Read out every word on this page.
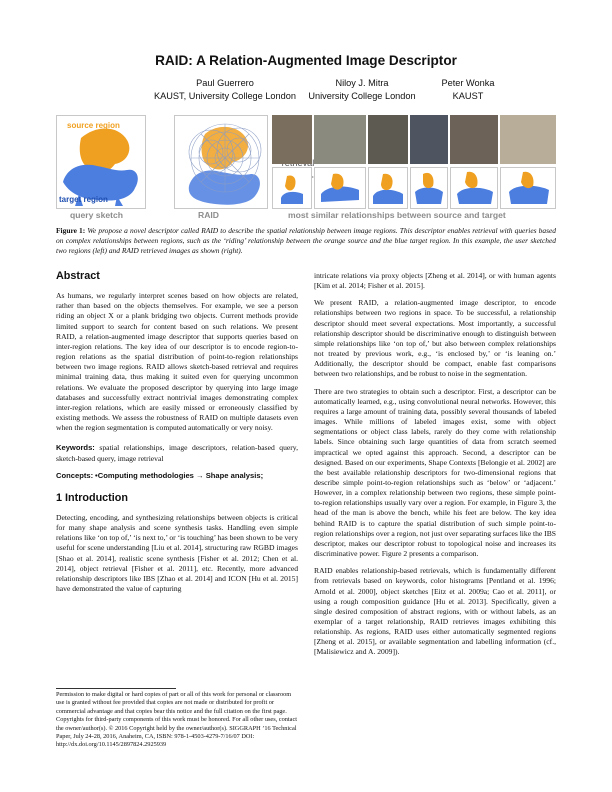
RAID: A Relation-Augmented Image Descriptor
Paul Guerrero
KAUST, University College London
Niloy J. Mitra
University College London
Peter Wonka
KAUST
source region
target region
query sketch	RAID	most similar relationships between source and target
Figure 1: We propose a novel descriptor called RAID to describe the spatial relationship between image regions. This descriptor enables retrieval with queries based on complex relationships between regions, such as the ‘riding’ relationship between the orange source and the blue target region. In this example, the user sketched two regions (left) and RAID retrieved images as shown (right).
Abstract

As humans, we regularly interpret scenes based on how objects are related, rather than based on the objects themselves. For example, we see a person riding an object X or a plank bridging two objects. Current methods provide limited support to search for content based on such relations. We present RAID, a relation-augmented image descriptor that supports queries based on inter-region relations. The key idea of our descriptor is to encode region-to-region relations as the spatial distribution of point-to-region relationships between two image regions. RAID allows sketch-based retrieval and requires minimal training data, thus making it suited even for querying uncommon relations. We evaluate the proposed descriptor by querying into large image databases and successfully extract nontrivial images demonstrating complex inter-region relations, which are easily missed or erroneously classified by existing methods. We assess the robustness of RAID on multiple datasets even when the region segmentation is computed automatically or very noisy.

Keywords: spatial relationships, image descriptors, relation-based query, sketch-based query, image retrieval

Concepts: •Computing methodologies → Shape analysis;

1 Introduction

Detecting, encoding, and synthesizing relationships between objects is critical for many shape analysis and scene synthesis tasks. Handling even simple relations like ‘on top of,’ ‘is next to,’ or ‘is touching’ has been shown to be very useful for scene understanding [Liu et al. 2014], structuring raw RGBD images [Shao et al. 2014], realistic scene synthesis [Fisher et al. 2012; Chen et al. 2014], object retrieval [Fisher et al. 2011], etc. Recently, more advanced relationship descriptors like IBS [Zhao et al. 2014] and ICON [Hu et al. 2015] have demonstrated the value of capturing

Permission to make digital or hard copies of part or all of this work for personal or classroom use is granted without fee provided that copies are not made or distributed for profit or commercial advantage and that copies bear this notice and the full citation on the first page. Copyrights for third-party components of this work must be honored. For all other uses, contact the owner/author(s). © 2016 Copyright held by the owner/author(s). SIGGRAPH ’16 Technical Paper, July 24-28, 2016, Anaheim, CA, ISBN: 978-1-4503-4279-7/16/07 DOI: http://dx.doi.org/10.1145/2897824.2925939

intricate relations via proxy objects [Zheng et al. 2014], or with human agents [Kim et al. 2014; Fisher et al. 2015].

We present RAID, a relation-augmented image descriptor, to encode relationships between two regions in space. To be successful, a relationship descriptor should meet several expectations. Most importantly, a successful relationship descriptor should be discriminative enough to distinguish between simple relationships like ‘on top of,’ but also between complex relationships not treated by previous work, e.g., ‘is enclosed by,’ or ‘is leaning on.’ Additionally, the descriptor should be compact, enable fast comparisons between two relationships, and be robust to noise in the segmentation.

There are two strategies to obtain such a descriptor. First, a descriptor can be automatically learned, e.g., using convolutional neural networks. However, this requires a large amount of training data, possibly several thousands of labeled images. While millions of labeled images exist, some with object segmentations or object class labels, rarely do they come with relationship labels. Since obtaining such large quantities of data from scratch seemed impractical we opted against this approach. Second, a descriptor can be designed. Based on our experiments, Shape Contexts [Belongie et al. 2002] are the best available relationship descriptors for two-dimensional regions that describe simple point-to-region relationships such as ‘below’ or ‘adjacent.’ However, in a complex relationship between two regions, these simple point-to-region relationships usually vary over a region. For example, in Figure 3, the head of the man is above the bench, while his feet are below. The key idea behind RAID is to capture the spatial distribution of such simple point-to-region relationships over a region, not just over separating surfaces like the IBS descriptor, makes our descriptor robust to topological noise and increases its discriminative power. Figure 2 presents a comparison.

RAID enables relationship-based retrievals, which is fundamentally different from retrievals based on keywords, color histograms [Pentland et al. 1996; Arnold et al. 2000], object sketches [Eitz et al. 2009a; Cao et al. 2011], or using a rough composition guidance [Hu et al. 2013]. Specifically, given a single desired composition of abstract regions, with or without labels, as an exemplar of a target relationship, RAID retrieves images exhibiting this relationship. As regions, RAID uses either automatically segmented regions [Zheng et al. 2015], or available segmentation and labelling information (cf., [Malisiewicz and A. 2009]).
